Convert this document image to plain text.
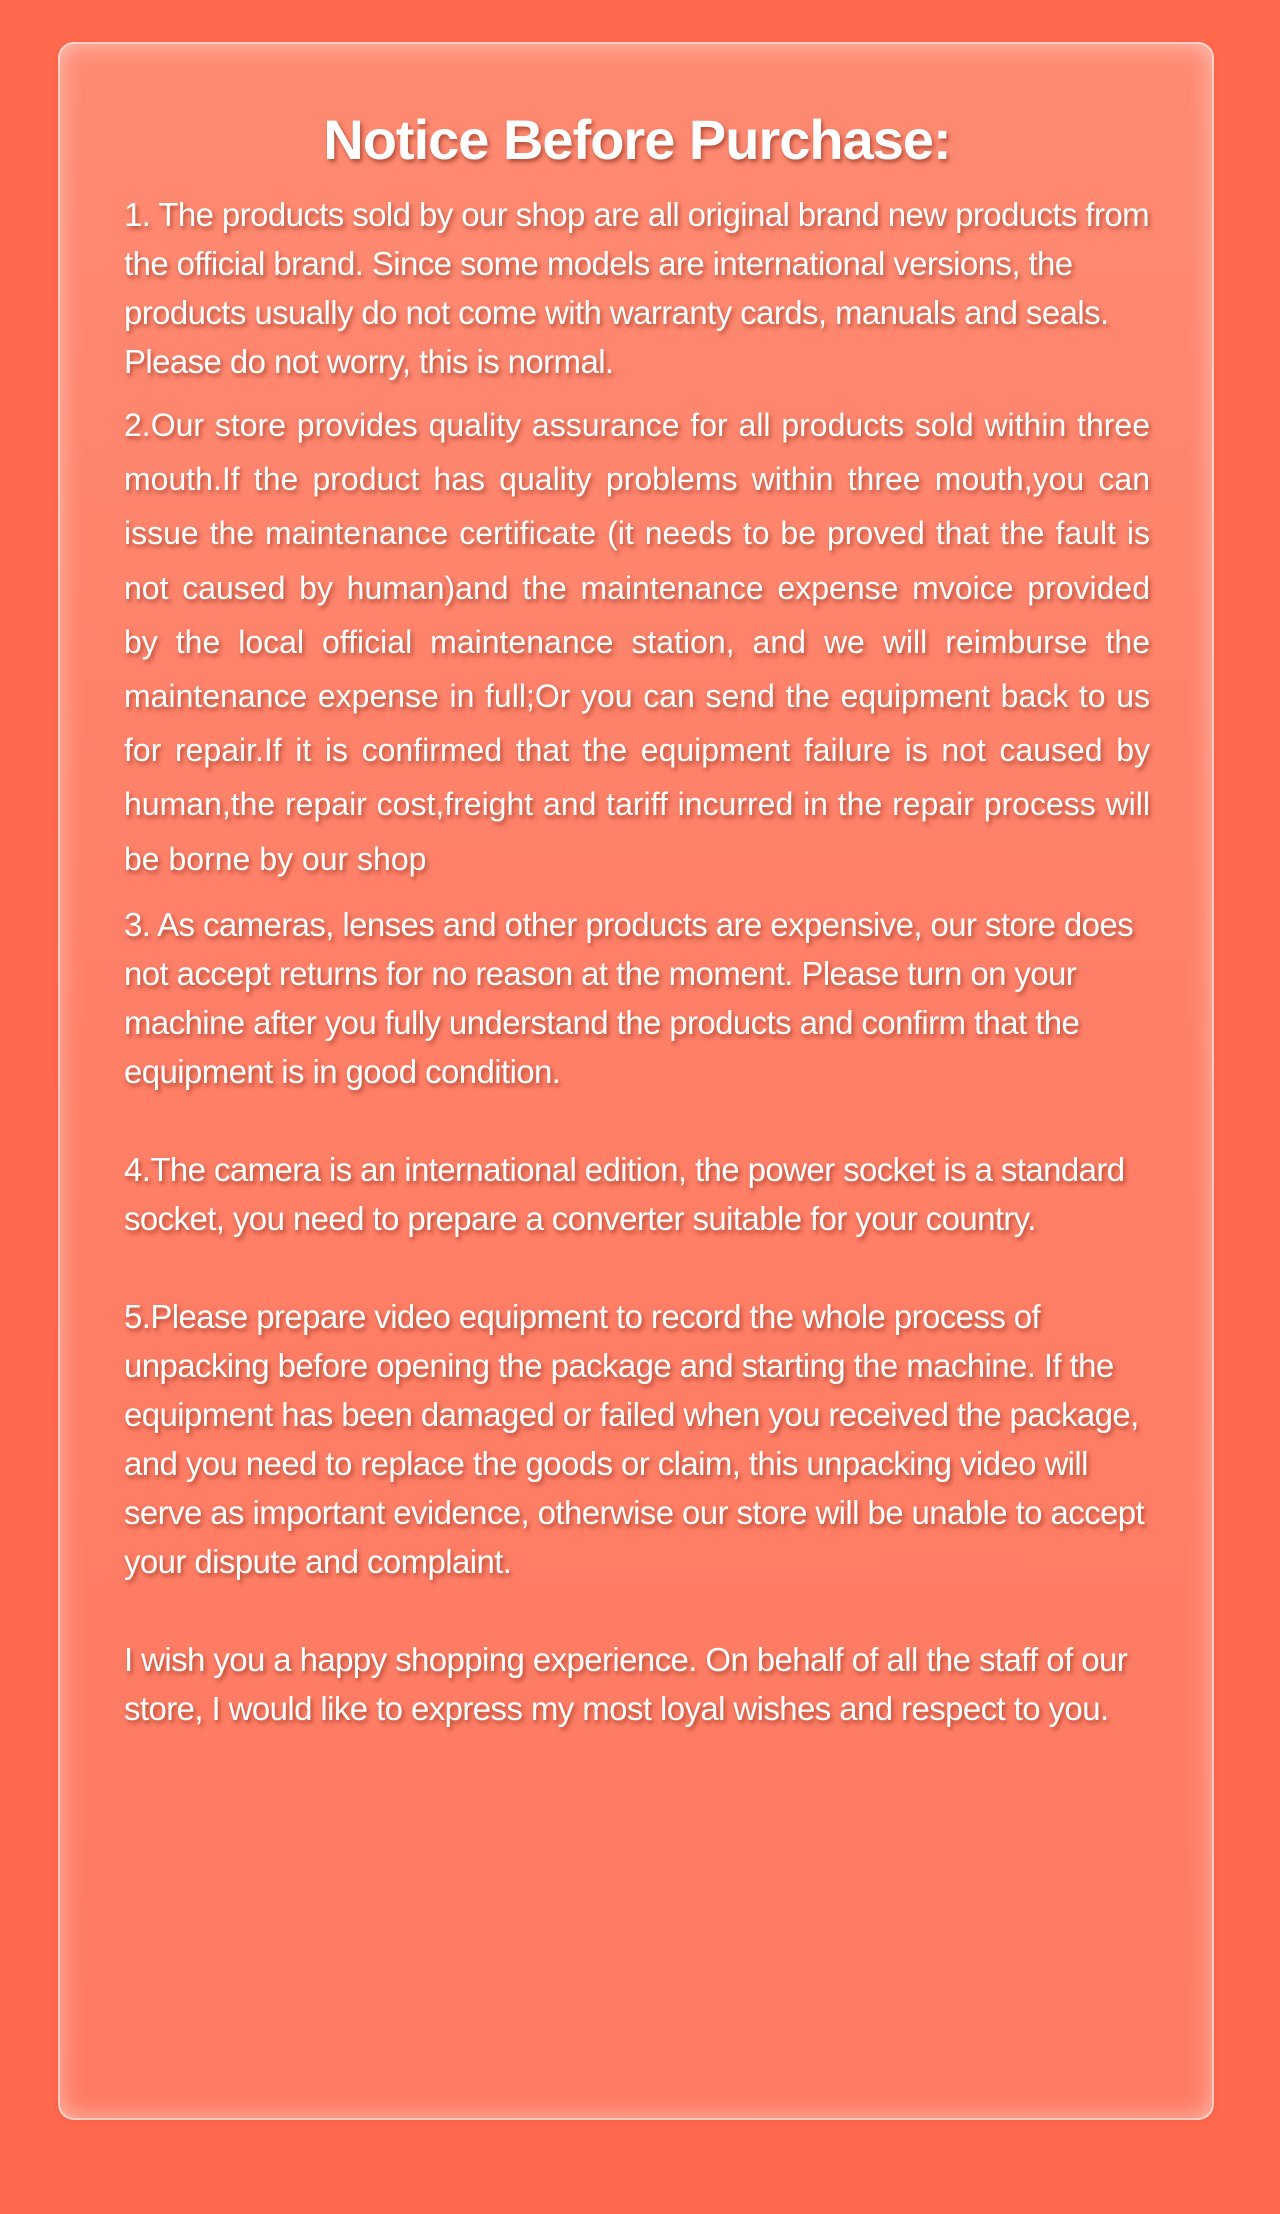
Notice Before Purchase:

1. The products sold by our shop are all original brand new products from the official brand. Since some models are international versions, the products usually do not come with warranty cards, manuals and seals. Please do not worry, this is normal.

2.Our store provides quality assurance for all products sold within three mouth.If the product has quality problems within three mouth,you can issue the maintenance certificate (it needs to be proved that the fault is not caused by human)and the maintenance expense mvoice provided by the local official maintenance station, and we will reimburse the maintenance expense in full;Or you can send the equipment back to us for repair.If it is confirmed that the equipment failure is not caused by human,the repair cost,freight and tariff incurred in the repair process will be borne by our shop

3. As cameras, lenses and other products are expensive, our store does not accept returns for no reason at the moment. Please turn on your machine after you fully understand the products and confirm that the equipment is in good condition.

4.The camera is an international edition, the power socket is a standard socket, you need to prepare a converter suitable for your country.

5.Please prepare video equipment to record the whole process of unpacking before opening the package and starting the machine. If the equipment has been damaged or failed when you received the package, and you need to replace the goods or claim, this unpacking video will serve as important evidence, otherwise our store will be unable to accept your dispute and complaint.

I wish you a happy shopping experience. On behalf of all the staff of our store, I would like to express my most loyal wishes and respect to you.
